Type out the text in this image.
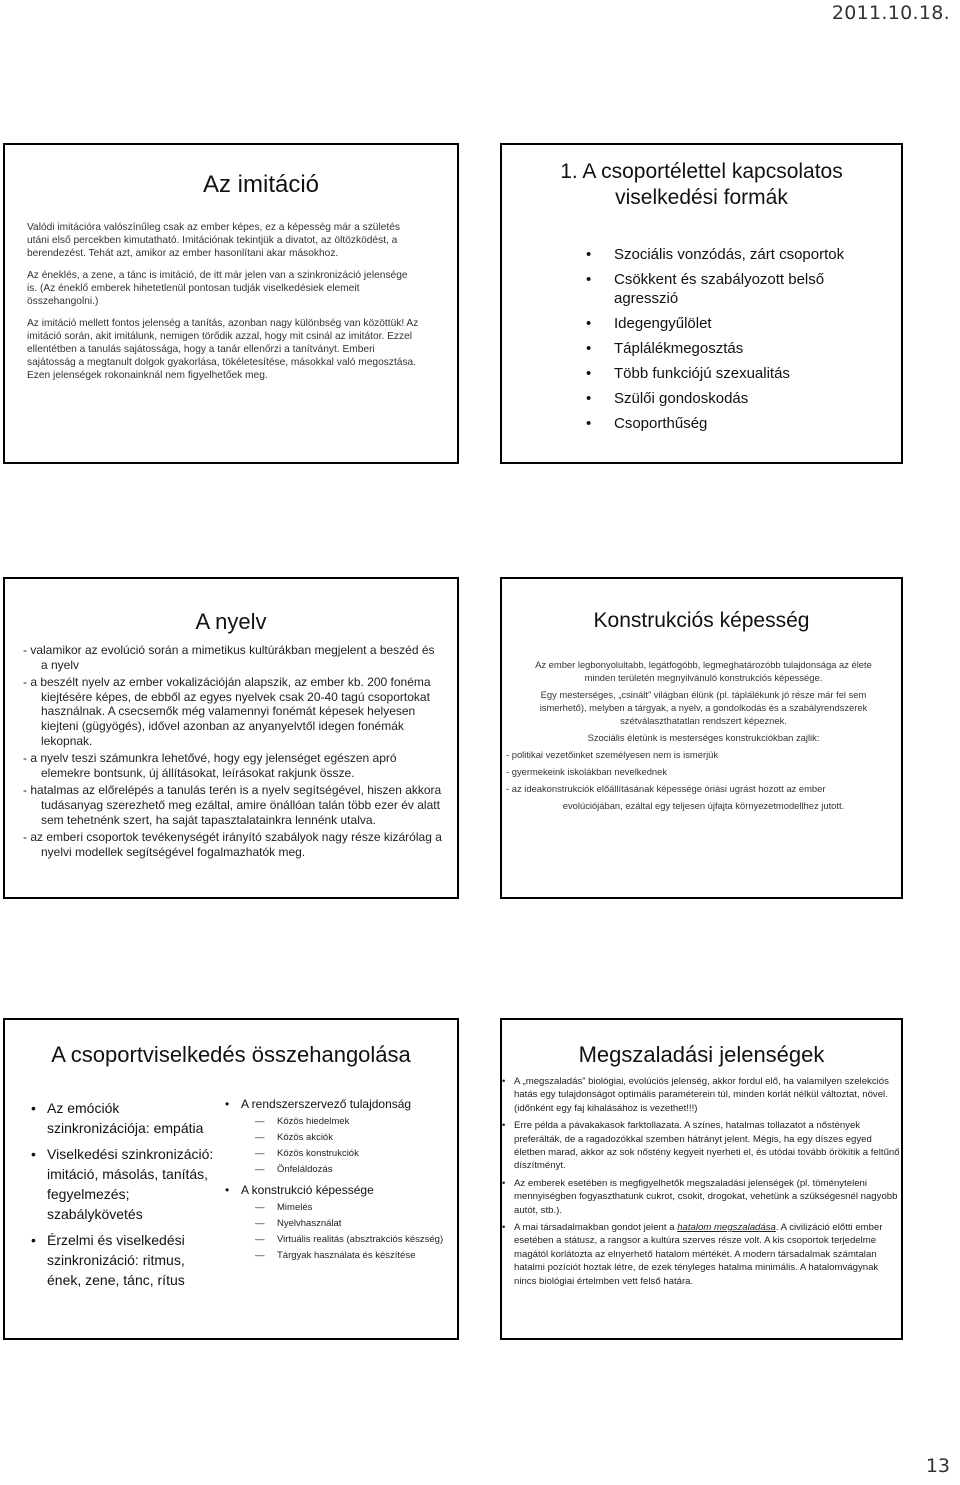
2011.10.18.
Az imitáció

Valódi imitációra valószínűleg csak az ember képes, ez a képesség már a születés utáni első percekben kimutatható. Imitációnak tekintjük a divatot, az öltözködést, a berendezést. Tehát azt, amikor az ember hasonlítani akar másokhoz.

Az éneklés, a zene, a tánc is imitáció, de itt már jelen van a szinkronizáció jelensége is. (Az éneklő emberek hihetetlenül pontosan tudják viselkedésiek elemeit összehangolni.)

Az imitáció mellett fontos jelenség a tanítás, azonban nagy különbség van közöttük! Az imitáció során, akit imitálunk, nemigen törődik azzal, hogy mit csinál az imitátor. Ezzel ellentétben a tanulás sajátossága, hogy a tanár ellenőrzi a tanítványt. Emberi sajátosság a megtanult dolgok gyakorlása, tökéletesítése, másokkal való megosztása.

Ezen jelenségek rokonainknál nem figyelhetőek meg.

1. A csoportélettel kapcsolatos viselkedési formák
• Szociális vonzódás, zárt csoportok
• Csökkent és szabályozott belső agresszió
• Idegengyűlölet
• Táplálékmegosztás
• Több funkciójú szexualitás
• Szülői gondoskodás
• Csoporthűség
A nyelv

- valamikor az evolúció során a mimetikus kultúrákban megjelent a beszéd és a nyelv

- a beszélt nyelv az ember vokalizációján alapszik, az ember kb. 200 fonéma kiejtésére képes, de ebből az egyes nyelvek csak 20-40 tagú csoportokat használnak. A csecsemők még valamennyi fonémát képesek helyesen kiejteni (gügyögés), idővel azonban az anyanyelvtől idegen fonémák lekopnak.

- a nyelv teszi számunkra lehetővé, hogy egy jelenséget egészen apró elemekre bontsunk, új állításokat, leírásokat rakjunk össze.

- hatalmas az előrelépés a tanulás terén is a nyelv segítségével, hiszen akkora tudásanyag szerezhető meg ezáltal, amire önállóan talán több ezer év alatt sem tehetnénk szert, ha saját tapasztalatainkra lennénk utalva.

- az emberi csoportok tevékenységét irányító szabályok nagy része kizárólag a nyelvi modellek segítségével fogalmazhatók meg.

Konstrukciós képesség

Az ember legbonyolultabb, legátfogóbb, legmeghatározóbb tulajdonsága az élete minden területén megnyilvánuló konstrukciós képessége.

Egy mesterséges, „csinált” világban élünk (pl. táplálékunk jó része már fel sem ismerhető), melyben a tárgyak, a nyelv, a gondolkodás és a szabályrendszerek szétválaszthatatlan rendszert képeznek.

Szociális életünk is mesterséges konstrukciókban zajlik:

- politikai vezetőinket személyesen nem is ismerjük

- gyermekeink iskolákban nevelkednek

- az ideakonstrukciók előállításának képessége óriási ugrást hozott az ember

evolúciójában, ezáltal egy teljesen újfajta környezetmodellhez jutott.

A csoportviselkedés összehangolása
• Az emóciók szinkronizációja: empátia
• Viselkedési szinkronizáció: imitáció, másolás, tanítás, fegyelmezés; szabálykövetés
• Érzelmi és viselkedési szinkronizáció: ritmus, ének, zene, tánc, rítus
• A rendszerszervező tulajdonság
— Közös hiedelmek
— Közös akciók
— Közös konstrukciók
— Önfeláldozás
• A konstrukció képessége
— Mimelés
— Nyelvhasználat
— Virtuális realitás (absztrakciós készség)
— Tárgyak használata és készítése
Megszaladási jelenségek
• A „megszaladás” biológiai, evolúciós jelenség, akkor fordul elő, ha valamilyen szelekciós hatás egy tulajdonságot optimális paraméterein túl, minden korlát nélkül változtat, növel. (időnként egy faj kihalásához is vezethet!!!)
• Erre példa a pávakakasok farktollazata. A színes, hatalmas tollazatot a nőstények preferálták, de a ragadozókkal szemben hátrányt jelent. Mégis, ha egy díszes egyed életben marad, akkor az sok nőstény kegyeit nyerheti el, és utódai tovább örökítik a feltűnő díszítményt.
• Az emberek esetében is megfigyelhetők megszaladási jelenségek (pl. töményteleni mennyiségben fogyaszthatunk cukrot, csokit, drogokat, vehetünk a szükségesnél nagyobb autót, stb.).
• A mai társadalmakban gondot jelent a hatalom megszaladása. A civilizáció előtti ember esetében a státusz, a rangsor a kultúra szerves része volt. A kis csoportok terjedelme magától korlátozta az elnyerhető hatalom mértékét. A modern társadalmak számtalan hatalmi pozíciót hoztak létre, de ezek tényleges hatalma minimális. A hatalomvágynak nincs biológiai értelmben vett felső határa.
13
